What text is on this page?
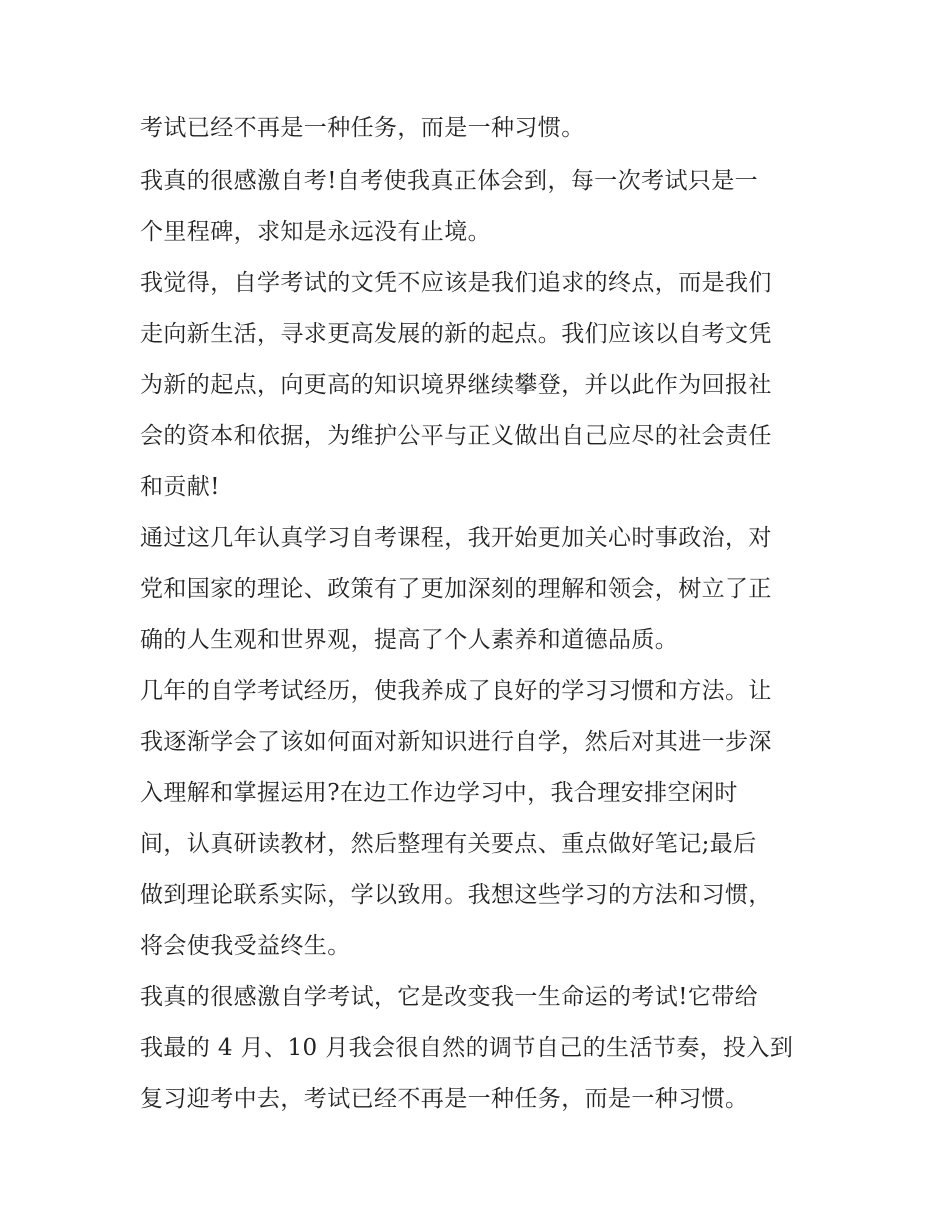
考试已经不再是一种任务，而是一种习惯。
我真的很感激自考!自考使我真正体会到，每一次考试只是一
个里程碑，求知是永远没有止境。
我觉得，自学考试的文凭不应该是我们追求的终点，而是我们
走向新生活，寻求更高发展的新的起点。我们应该以自考文凭
为新的起点，向更高的知识境界继续攀登，并以此作为回报社
会的资本和依据，为维护公平与正义做出自己应尽的社会责任
和贡献!
通过这几年认真学习自考课程，我开始更加关心时事政治，对
党和国家的理论、政策有了更加深刻的理解和领会，树立了正
确的人生观和世界观，提高了个人素养和道德品质。
几年的自学考试经历，使我养成了良好的学习习惯和方法。让
我逐渐学会了该如何面对新知识进行自学，然后对其进一步深
入理解和掌握运用?在边工作边学习中，我合理安排空闲时
间，认真研读教材，然后整理有关要点、重点做好笔记;最后
做到理论联系实际，学以致用。我想这些学习的方法和习惯，
将会使我受益终生。
我真的很感激自学考试，它是改变我一生命运的考试!它带给
我最的 4 月、10 月我会很自然的调节自己的生活节奏，投入到
复习迎考中去，考试已经不再是一种任务，而是一种习惯。
